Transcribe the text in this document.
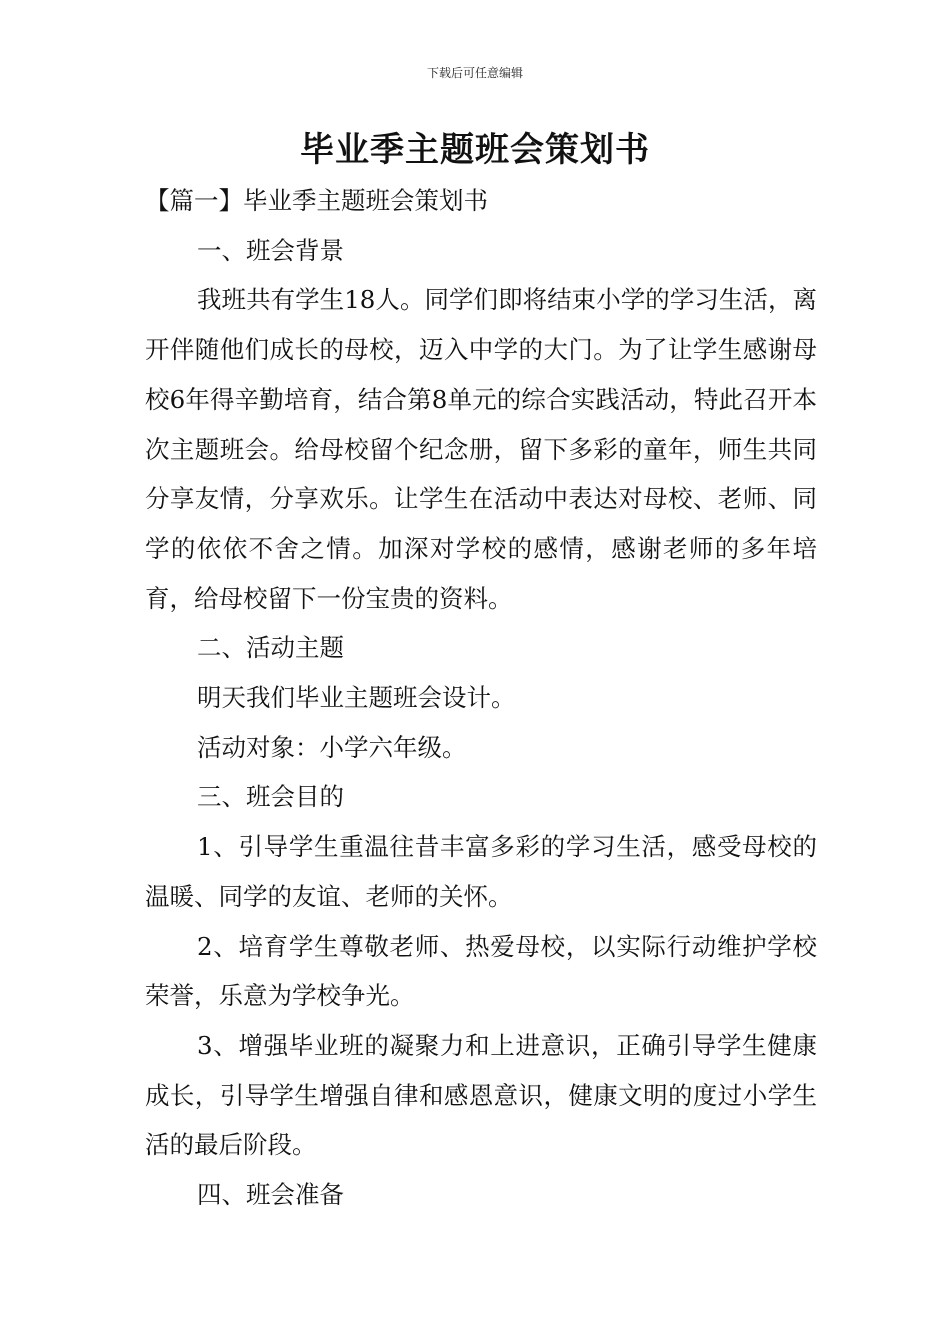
下载后可任意编辑
毕业季主题班会策划书

【篇一】毕业季主题班会策划书

一、班会背景

我班共有学生18人。同学们即将结束小学的学习生活，离开伴随他们成长的母校，迈入中学的大门。为了让学生感谢母校6年得辛勤培育，结合第8单元的综合实践活动，特此召开本次主题班会。给母校留个纪念册，留下多彩的童年，师生共同分享友情，分享欢乐。让学生在活动中表达对母校、老师、同学的依依不舍之情。加深对学校的感情，感谢老师的多年培育，给母校留下一份宝贵的资料。

二、活动主题

明天我们毕业主题班会设计。

活动对象：小学六年级。

三、班会目的

1、引导学生重温往昔丰富多彩的学习生活，感受母校的温暖、同学的友谊、老师的关怀。

2、培育学生尊敬老师、热爱母校，以实际行动维护学校荣誉，乐意为学校争光。

3、增强毕业班的凝聚力和上进意识，正确引导学生健康成长，引导学生增强自律和感恩意识，健康文明的度过小学生活的最后阶段。

四、班会准备
